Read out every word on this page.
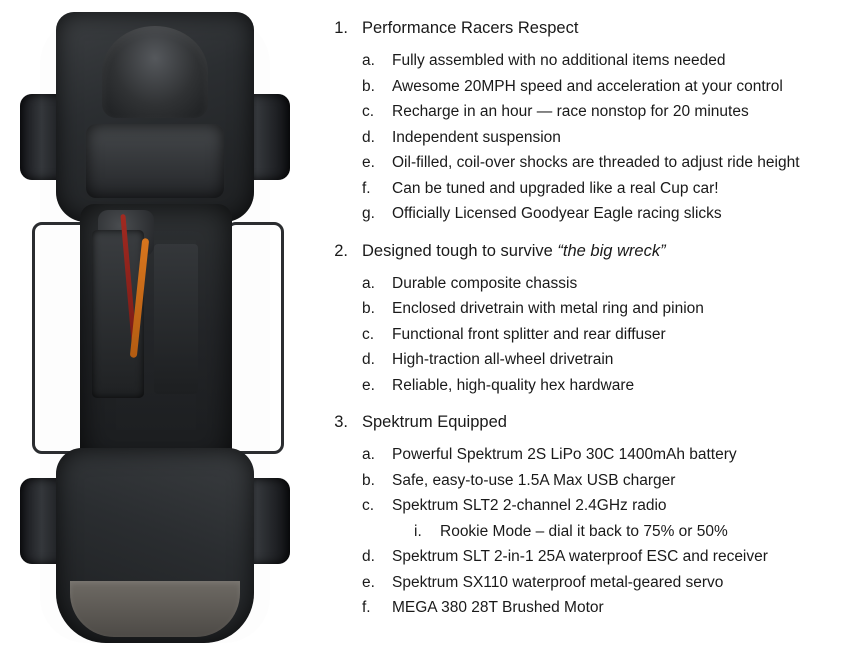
1. Performance Racers Respect
a.	Fully assembled with no additional items needed
b.	Awesome 20MPH speed and acceleration at your control
c.	Recharge in an hour — race nonstop for 20 minutes
d.	Independent suspension
e.	Oil-filled, coil-over shocks are threaded to adjust ride height
f.	Can be tuned and upgraded like a real Cup car!
g.	Officially Licensed Goodyear Eagle racing slicks
2. Designed tough to survive “the big wreck”
a.	Durable composite chassis
b.	Enclosed drivetrain with metal ring and pinion
c.	Functional front splitter and rear diffuser
d.	High-traction all-wheel drivetrain
e.	Reliable, high-quality hex hardware
3. Spektrum Equipped
a.	Powerful Spektrum 2S LiPo 30C 1400mAh battery
b.	Safe, easy-to-use 1.5A Max USB charger
c.	Spektrum SLT2 2-channel 2.4GHz radio
i.	Rookie Mode – dial it back to 75% or 50%
d.	Spektrum SLT 2-in-1 25A waterproof ESC and receiver
e.	Spektrum SX110 waterproof metal-geared servo
f.	MEGA 380 28T Brushed Motor
